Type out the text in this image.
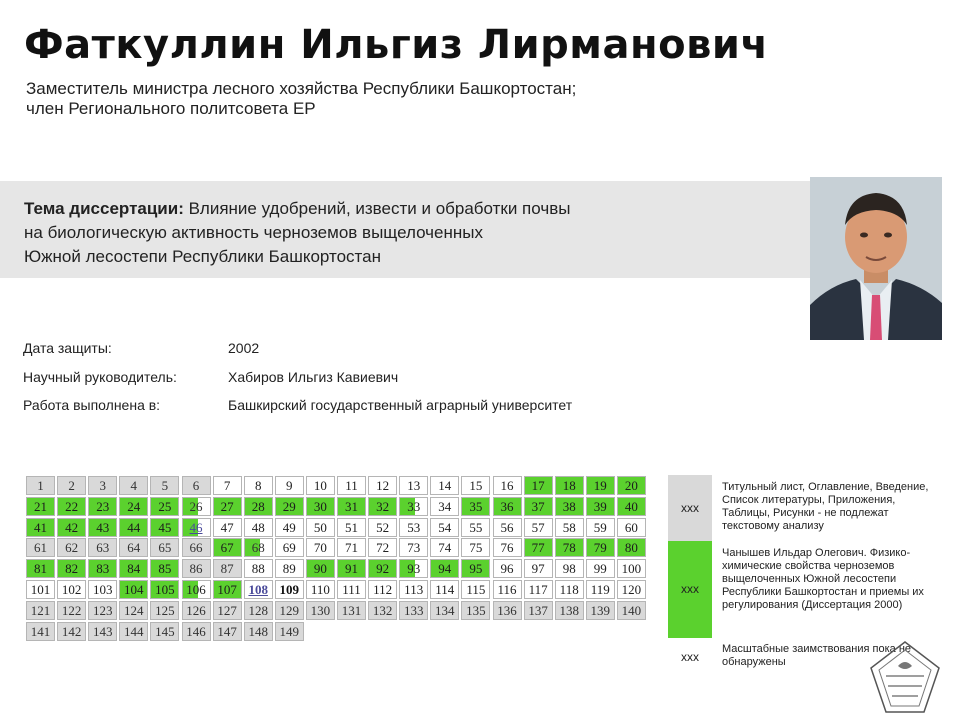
Фаткуллин Ильгиз Лирманович
Заместитель министра лесного хозяйства Республики Башкортостан;
член Регионального политсовета ЕР
Тема диссертации: Влияние удобрений, извести и обработки почвы
на биологическую активность черноземов выщелоченных
Южной лесостепи Республики Башкортостан
Дата защиты:	2002
Научный руководитель:	Хабиров Ильгиз Кавиевич
Работа выполнена в:	Башкирский государственный аграрный университет
1	2	3	4	5	6	7	8	9	10	11	12	13	14	15	16	17	18	19	20
21	22	23	24	25	26	27	28	29	30	31	32	33	34	35	36	37	38	39	40
41	42	43	44	45	46	47	48	49	50	51	52	53	54	55	56	57	58	59	60
61	62	63	64	65	66	67	68	69	70	71	72	73	74	75	76	77	78	79	80
81	82	83	84	85	86	87	88	89	90	91	92	93	94	95	96	97	98	99	100
101 102 103 104 105 106 107 108 109 110 111 112 113 114 115 116 117 118 119 120
121 122 123 124 125 126 127 128 129 130 131 132 133 134 135 136 137 138 139 140
141 142 143 144 145 146 147 148 149
ххх
Титульный лист, Оглавление, Введение, Список литературы, Приложения, Таблицы, Рисунки - не подлежат текстовому анализу
ххх
Чанышев Ильдар Олегович. Физико-химические свойства черноземов выщелоченных Южной лесостепи Республики Башкортостан и приемы их регулирования (Диссертация 2000)
ххх
Масштабные заимствования пока не обнаружены
